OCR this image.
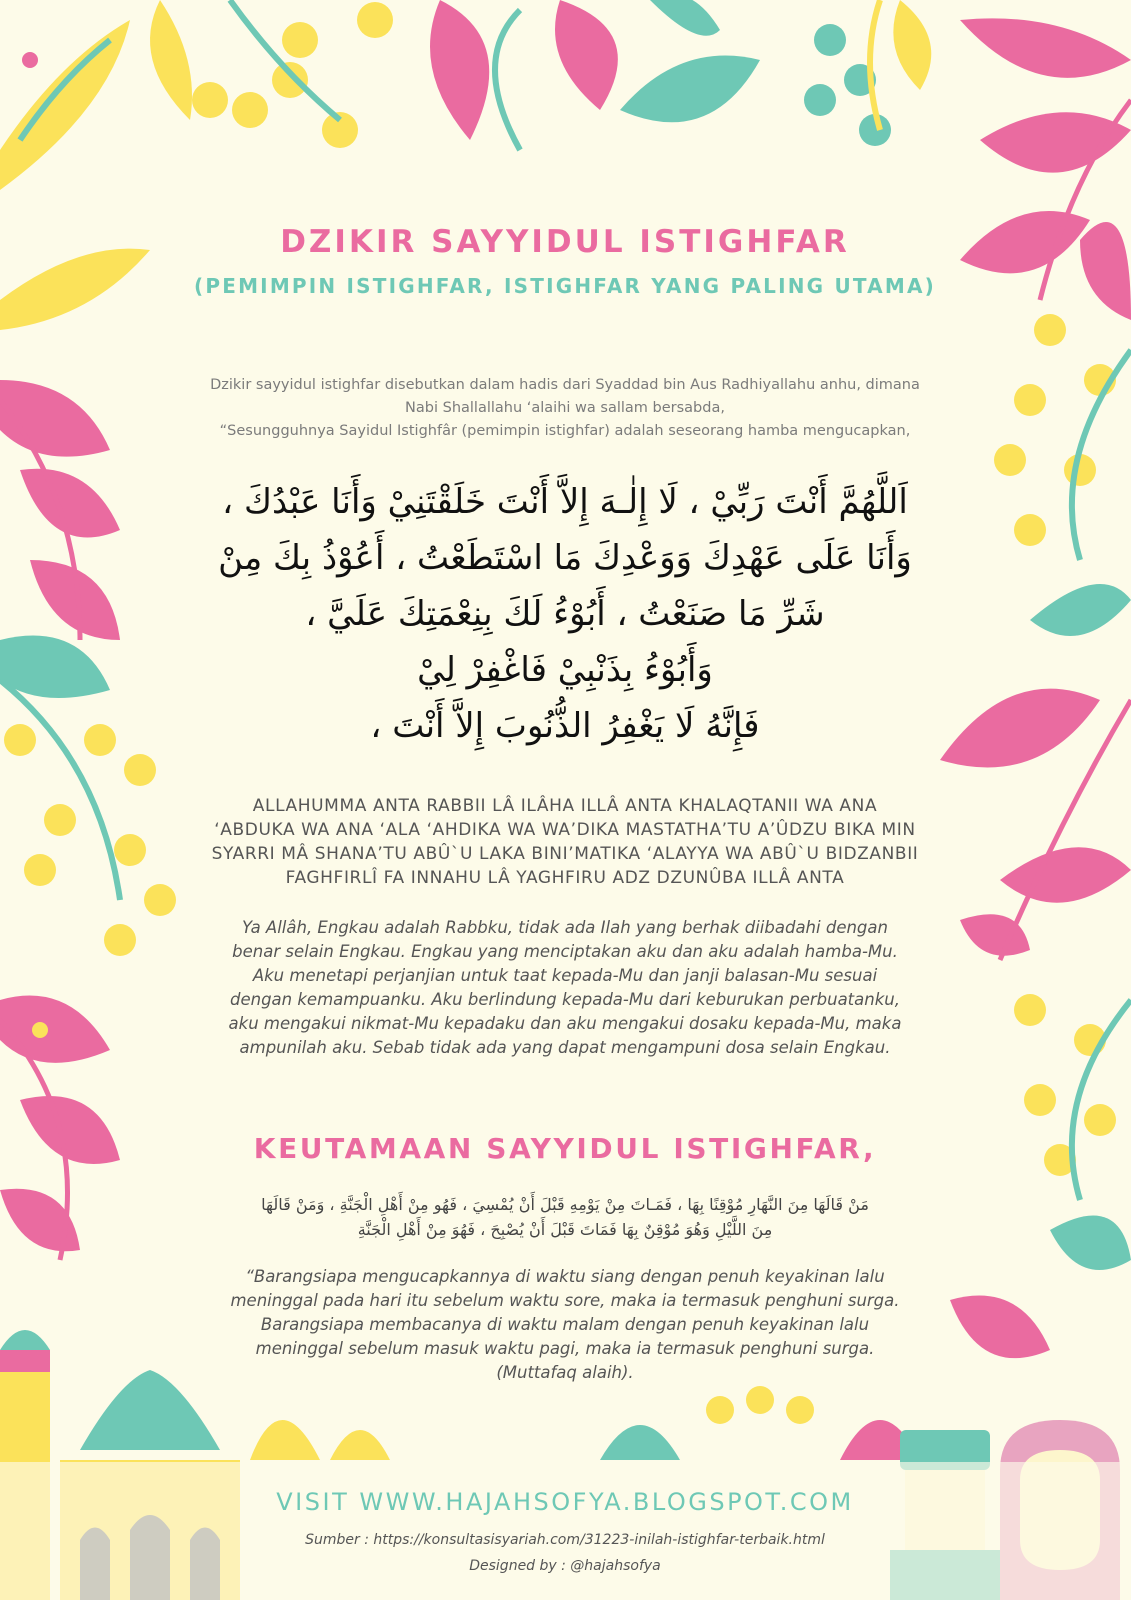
DZIKIR SAYYIDUL ISTIGHFAR
(PEMIMPIN ISTIGHFAR, ISTIGHFAR YANG PALING UTAMA)
Dzikir sayyidul istighfar disebutkan dalam hadis dari Syaddad bin Aus Radhiyallahu anhu, dimana
Nabi Shallallahu ‘alaihi wa sallam bersabda,
“Sesungguhnya Sayidul Istighfâr (pemimpin istighfar) adalah seseorang hamba mengucapkan,
اَللَّهُمَّ أَنْتَ رَبِّيْ ، لَا إِلٰـهَ إِلاَّ أَنْتَ خَلَقْتَنِيْ وَأَنَا عَبْدُكَ ،
وَأَنَا عَلَى عَهْدِكَ وَوَعْدِكَ مَا اسْتَطَعْتُ ، أَعُوْذُ بِكَ مِنْ
شَرِّ مَا صَنَعْتُ ، أَبُوْءُ لَكَ بِنِعْمَتِكَ عَلَيَّ ،
وَأَبُوْءُ بِذَنْبِيْ فَاغْفِرْ لِيْ
فَإِنَّهُ لَا يَغْفِرُ الذُّنُوبَ إِلاَّ أَنْتَ ،
ALLAHUMMA ANTA RABBII LÂ ILÂHA ILLÂ ANTA KHALAQTANII WA ANA
‘ABDUKA WA ANA ‘ALA ‘AHDIKA WA WA’DIKA MASTATHA’TU A’ÛDZU BIKA MIN
SYARRI MÂ SHANA’TU ABÛ`U LAKA BINI’MATIKA ‘ALAYYA WA ABÛ`U BIDZANBII
FAGHFIRLÎ FA INNAHU LÂ YAGHFIRU ADZ DZUNÛBA ILLÂ ANTA
Ya Allâh, Engkau adalah Rabbku, tidak ada Ilah yang berhak diibadahi dengan
benar selain Engkau. Engkau yang menciptakan aku dan aku adalah hamba-Mu.
Aku menetapi perjanjian untuk taat kepada-Mu dan janji balasan-Mu sesuai
dengan kemampuanku. Aku berlindung kepada-Mu dari keburukan perbuatanku,
aku mengakui nikmat-Mu kepadaku dan aku mengakui dosaku kepada-Mu, maka
ampunilah aku. Sebab tidak ada yang dapat mengampuni dosa selain Engkau.
KEUTAMAAN SAYYIDUL ISTIGHFAR,
مَنْ قَالَهَا مِنَ النَّهَارِ مُوْقِنًا بِهَا ، فَمَـاتَ مِنْ يَوْمِهِ قَبْلَ أَنْ يُمْسِيَ ، فَهُو مِنْ أَهْلِ الْجَنَّةِ ، وَمَنْ قَالَهَا
مِنَ اللَّيْلِ وَهُوَ مُوْقِنٌ بِهَا فَمَاتَ قَبْلَ أَنْ يُصْبِحَ ، فَهُوَ مِنْ أَهْلِ الْجَنَّةِ
“Barangsiapa mengucapkannya di waktu siang dengan penuh keyakinan lalu
meninggal pada hari itu sebelum waktu sore, maka ia termasuk penghuni surga.
Barangsiapa membacanya di waktu malam dengan penuh keyakinan lalu
meninggal sebelum masuk waktu pagi, maka ia termasuk penghuni surga.
(Muttafaq alaih).
VISIT WWW.HAJAHSOFYA.BLOGSPOT.COM
Sumber : https://konsultasisyariah.com/31223-inilah-istighfar-terbaik.html
Designed by : @hajahsofya
